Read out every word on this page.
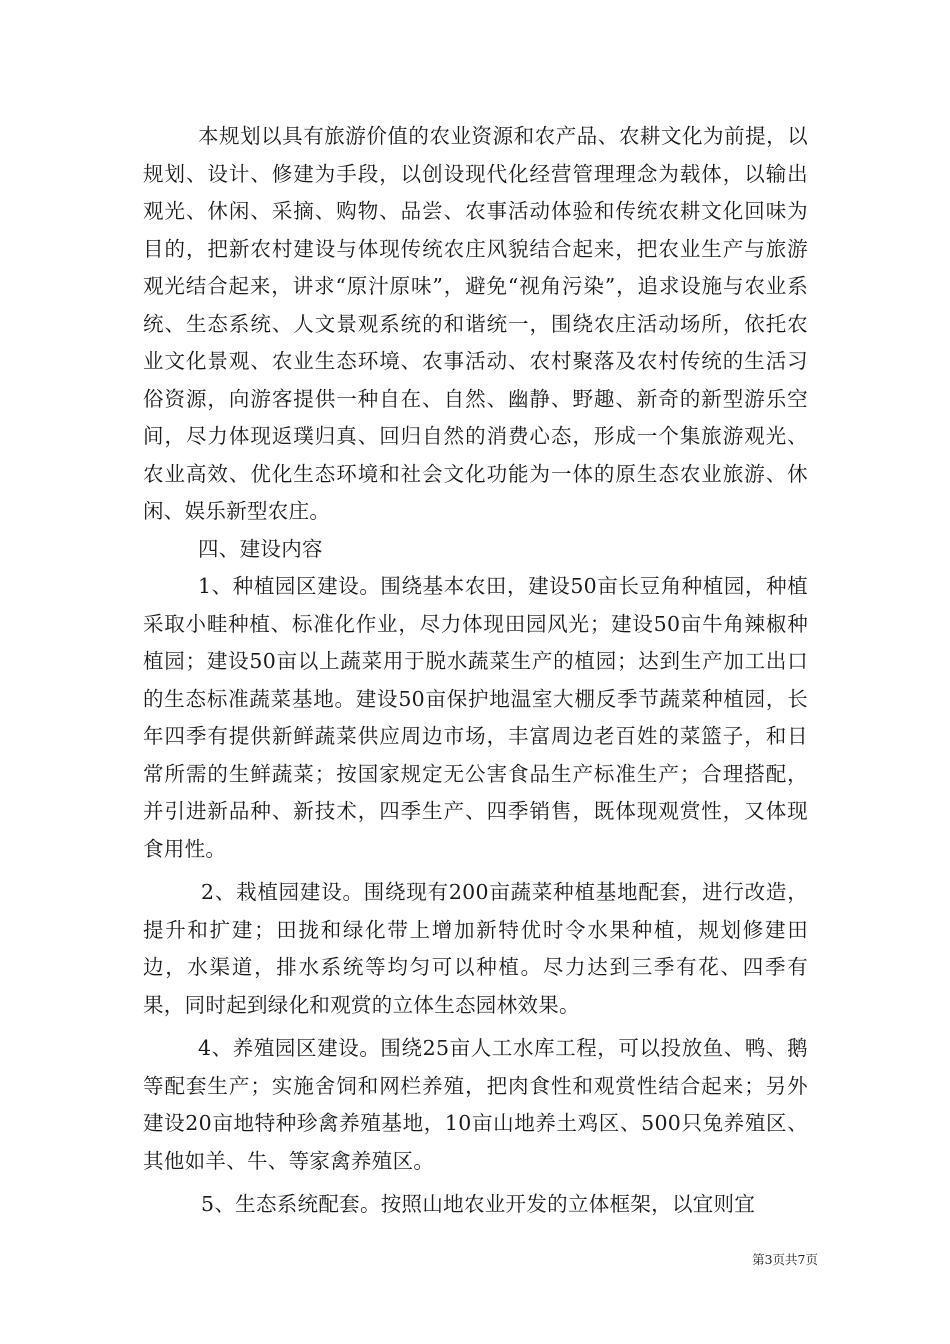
本规划以具有旅游价值的农业资源和农产品、农耕文化为前提，以规划、设计、修建为手段，以创设现代化经营管理理念为载体，以输出观光、休闲、采摘、购物、品尝、农事活动体验和传统农耕文化回味为目的，把新农村建设与体现传统农庄风貌结合起来，把农业生产与旅游观光结合起来，讲求“原汁原味”，避免“视角污染”，追求设施与农业系统、生态系统、人文景观系统的和谐统一，围绕农庄活动场所，依托农业文化景观、农业生态环境、农事活动、农村聚落及农村传统的生活习俗资源，向游客提供一种自在、自然、幽静、野趣、新奇的新型游乐空间，尽力体现返璞归真、回归自然的消费心态，形成一个集旅游观光、农业高效、优化生态环境和社会文化功能为一体的原生态农业旅游、休闲、娱乐新型农庄。

四、建设内容

1、种植园区建设。围绕基本农田，建设50亩长豆角种植园，种植采取小畦种植、标准化作业，尽力体现田园风光；建设50亩牛角辣椒种植园；建设50亩以上蔬菜用于脱水蔬菜生产的植园；达到生产加工出口的生态标准蔬菜基地。建设50亩保护地温室大棚反季节蔬菜种植园，长年四季有提供新鲜蔬菜供应周边市场，丰富周边老百姓的菜篮子，和日常所需的生鲜蔬菜；按国家规定无公害食品生产标准生产；合理搭配，并引进新品种、新技术，四季生产、四季销售，既体现观赏性，又体现食用性。

2、栽植园建设。围绕现有200亩蔬菜种植基地配套，进行改造，提升和扩建；田拢和绿化带上增加新特优时令水果种植，规划修建田边，水渠道，排水系统等均匀可以种植。尽力达到三季有花、四季有果，同时起到绿化和观赏的立体生态园林效果。

4、养殖园区建设。围绕25亩人工水库工程，可以投放鱼、鸭、鹅等配套生产；实施舍饲和网栏养殖，把肉食性和观赏性结合起来；另外建设20亩地特种珍禽养殖基地，10亩山地养土鸡区、500只兔养殖区、其他如羊、牛、等家禽养殖区。

5、生态系统配套。按照山地农业开发的立体框架，以宜则宜

第3页共7页
